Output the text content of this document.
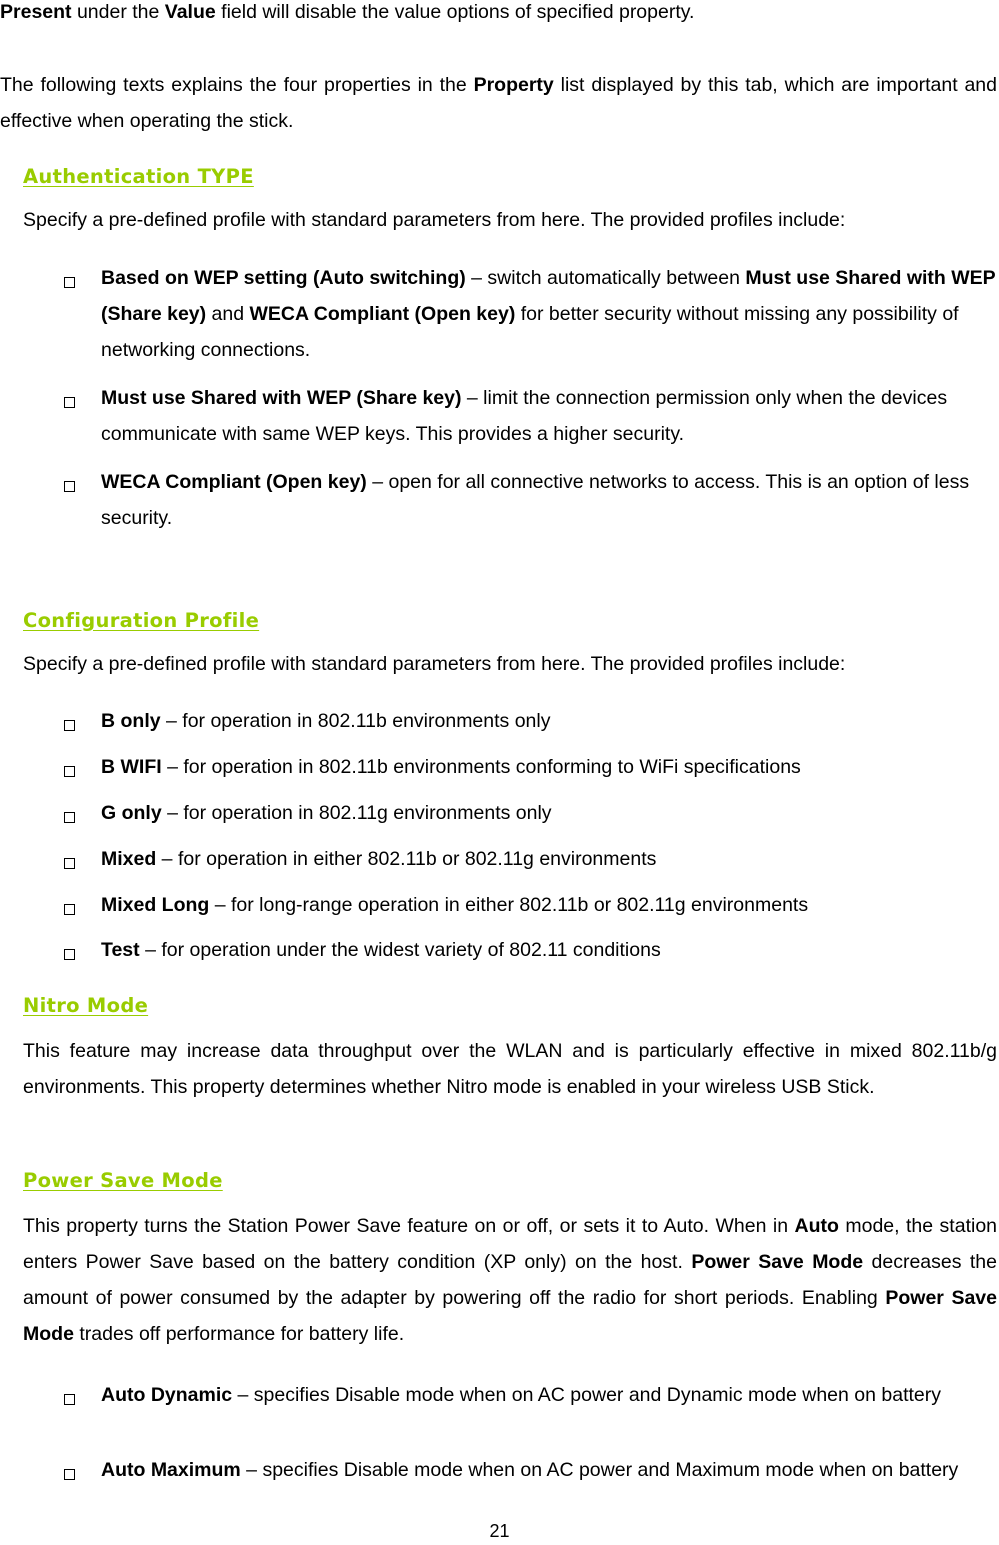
Present under the Value field will disable the value options of specified property.

The following texts explains the four properties in the Property list displayed by this tab, which are important and effective when operating the stick.

Authentication TYPE

Specify a pre-defined profile with standard parameters from here. The provided profiles include:

Based on WEP setting (Auto switching) – switch automatically between Must use Shared with WEP (Share key) and WECA Compliant (Open key) for better security without missing any possibility of networking connections.

Must use Shared with WEP (Share key) – limit the connection permission only when the devices communicate with same WEP keys. This provides a higher security.

WECA Compliant (Open key) – open for all connective networks to access. This is an option of less security.

Configuration Profile

Specify a pre-defined profile with standard parameters from here. The provided profiles include:

B only – for operation in 802.11b environments only

B WIFI – for operation in 802.11b environments conforming to WiFi specifications

G only – for operation in 802.11g environments only

Mixed – for operation in either 802.11b or 802.11g environments

Mixed Long – for long-range operation in either 802.11b or 802.11g environments

Test – for operation under the widest variety of 802.11 conditions

Nitro Mode

This feature may increase data throughput over the WLAN and is particularly effective in mixed 802.11b/g environments. This property determines whether Nitro mode is enabled in your wireless USB Stick.

Power Save Mode

This property turns the Station Power Save feature on or off, or sets it to Auto. When in Auto mode, the station enters Power Save based on the battery condition (XP only) on the host. Power Save Mode decreases the amount of power consumed by the adapter by powering off the radio for short periods. Enabling Power Save Mode trades off performance for battery life.

Auto Dynamic – specifies Disable mode when on AC power and Dynamic mode when on battery

Auto Maximum – specifies Disable mode when on AC power and Maximum mode when on battery

21
